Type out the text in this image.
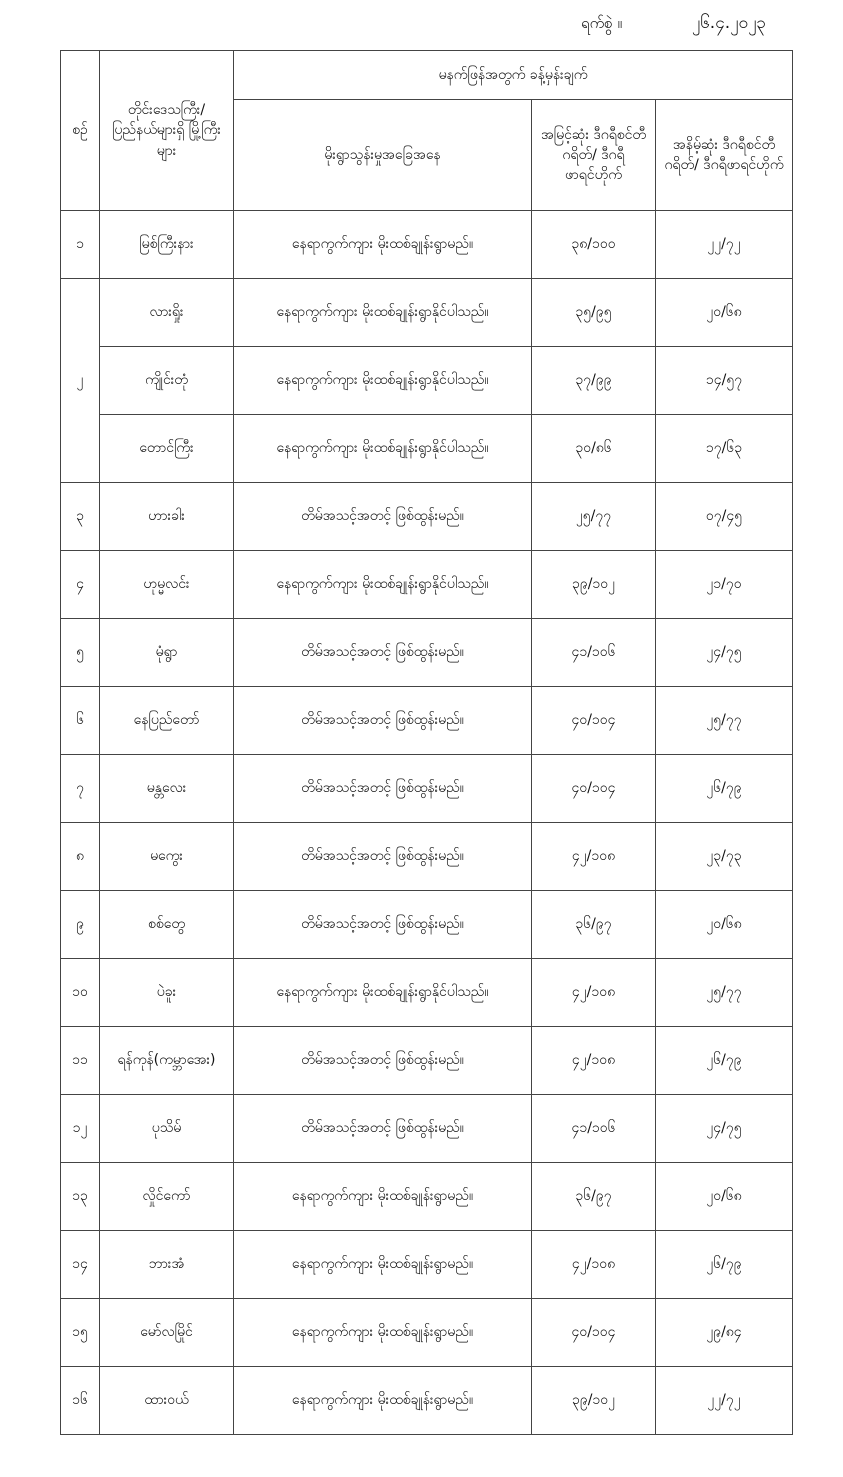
ရက်စွဲ ။	၂၆.၄.၂၀၂၃
စဉ်	တိုင်းဒေသကြီး/ ပြည်နယ်များရှိ မြို့ကြီးများ	မနက်ဖြန်အတွက် ခန့်မှန်းချက်		
		မိုးရွာသွန်းမှုအခြေအနေ	အမြင့်ဆုံး ဒီဂရီစင်တီဂရိတ်/ ဒီဂရီဖာရင်ဟိုက်	အနိမ့်ဆုံး ဒီဂရီစင်တီဂရိတ်/ ဒီဂရီဖာရင်ဟိုက်
၁	မြစ်ကြီးနား	နေရာကွက်ကျား မိုးထစ်ချုန်းရွာမည်။	၃၈/၁၀၀	၂၂/၇၂
၂	လားရှိုး	နေရာကွက်ကျား မိုးထစ်ချုန်းရွာနိုင်ပါသည်။	၃၅/၉၅	၂၀/၆၈
	ကျိုင်းတုံ	နေရာကွက်ကျား မိုးထစ်ချုန်းရွာနိုင်ပါသည်။	၃၇/၉၉	၁၄/၅၇
	တောင်ကြီး	နေရာကွက်ကျား မိုးထစ်ချုန်းရွာနိုင်ပါသည်။	၃၀/၈၆	၁၇/၆၃
၃	ဟားခါး	တိမ်အသင့်အတင့် ဖြစ်ထွန်းမည်။	၂၅/၇၇	၀၇/၄၅
၄	ဟုမ္မလင်း	နေရာကွက်ကျား မိုးထစ်ချုန်းရွာနိုင်ပါသည်။	၃၉/၁၀၂	၂၁/၇၀
၅	မုံရွာ	တိမ်အသင့်အတင့် ဖြစ်ထွန်းမည်။	၄၁/၁၀၆	၂၄/၇၅
၆	နေပြည်တော်	တိမ်အသင့်အတင့် ဖြစ်ထွန်းမည်။	၄၀/၁၀၄	၂၅/၇၇
၇	မန္တလေး	တိမ်အသင့်အတင့် ဖြစ်ထွန်းမည်။	၄၀/၁၀၄	၂၆/၇၉
၈	မကွေး	တိမ်အသင့်အတင့် ဖြစ်ထွန်းမည်။	၄၂/၁၀၈	၂၃/၇၃
၉	စစ်တွေ	တိမ်အသင့်အတင့် ဖြစ်ထွန်းမည်။	၃၆/၉၇	၂၀/၆၈
၁၀	ပဲခူး	နေရာကွက်ကျား မိုးထစ်ချုန်းရွာနိုင်ပါသည်။	၄၂/၁၀၈	၂၅/၇၇
၁၁	ရန်ကုန်(ကမ္ဘာအေး)	တိမ်အသင့်အတင့် ဖြစ်ထွန်းမည်။	၄၂/၁၀၈	၂၆/၇၉
၁၂	ပုသိမ်	တိမ်အသင့်အတင့် ဖြစ်ထွန်းမည်။	၄၁/၁၀၆	၂၄/၇၅
၁၃	လှိုင်ကော်	နေရာကွက်ကျား မိုးထစ်ချုန်းရွာမည်။	၃၆/၉၇	၂၀/၆၈
၁၄	ဘားအံ	နေရာကွက်ကျား မိုးထစ်ချုန်းရွာမည်။	၄၂/၁၀၈	၂၆/၇၉
၁၅	မော်လမြိုင်	နေရာကွက်ကျား မိုးထစ်ချုန်းရွာမည်။	၄၀/၁၀၄	၂၉/၈၄
၁၆	ထားဝယ်	နေရာကွက်ကျား မိုးထစ်ချုန်းရွာမည်။	၃၉/၁၀၂	၂၂/၇၂
